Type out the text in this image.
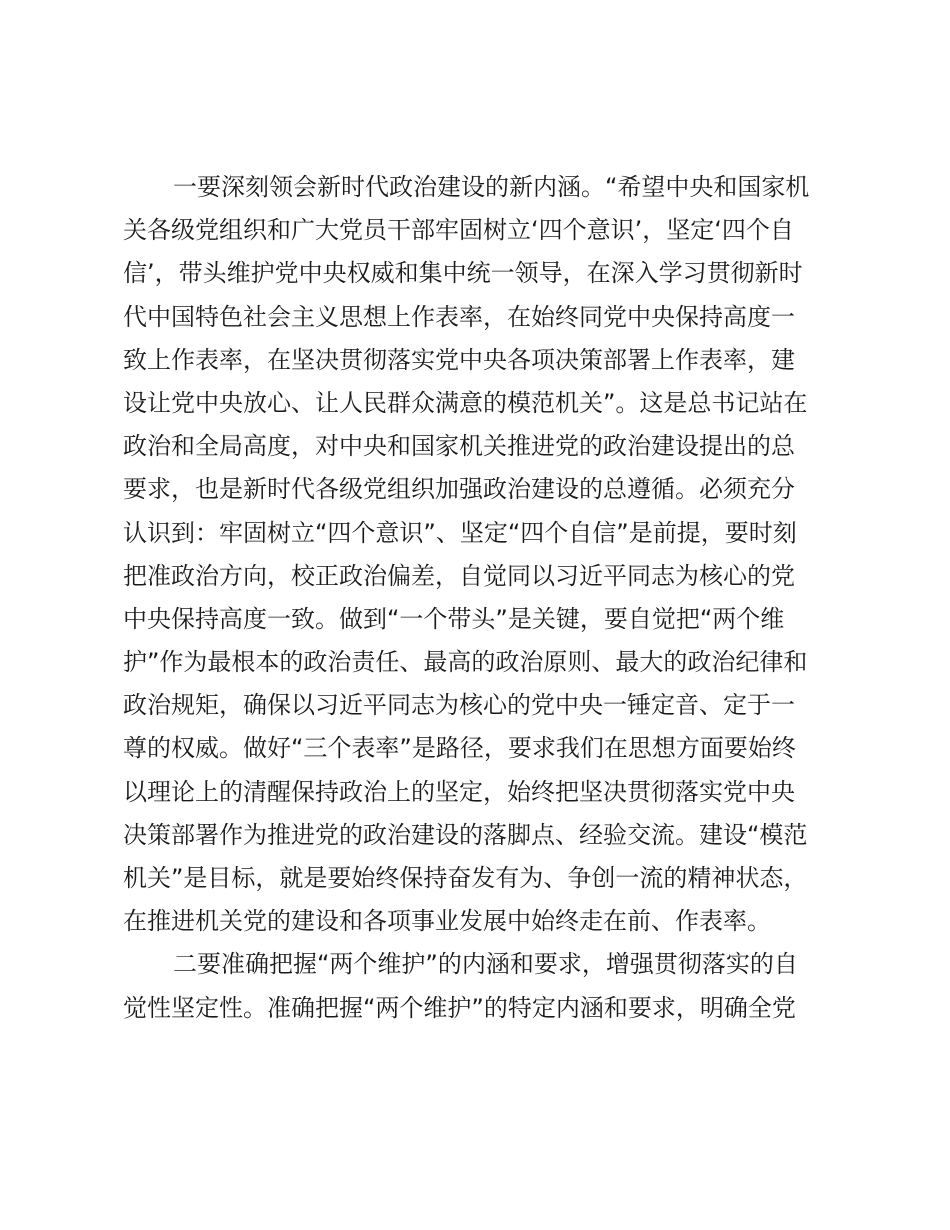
一要深刻领会新时代政治建设的新内涵。“希望中央和国家机
关各级党组织和广大党员干部牢固树立‘四个意识’，坚定‘四个自
信’，带头维护党中央权威和集中统一领导，在深入学习贯彻新时
代中国特色社会主义思想上作表率，在始终同党中央保持高度一
致上作表率，在坚决贯彻落实党中央各项决策部署上作表率，建
设让党中央放心、让人民群众满意的模范机关”。这是总书记站在
政治和全局高度，对中央和国家机关推进党的政治建设提出的总
要求，也是新时代各级党组织加强政治建设的总遵循。必须充分
认识到：牢固树立“四个意识”、坚定“四个自信”是前提，要时刻
把准政治方向，校正政治偏差，自觉同以习近平同志为核心的党
中央保持高度一致。做到“一个带头”是关键，要自觉把“两个维
护”作为最根本的政治责任、最高的政治原则、最大的政治纪律和
政治规矩，确保以习近平同志为核心的党中央一锤定音、定于一
尊的权威。做好“三个表率”是路径，要求我们在思想方面要始终
以理论上的清醒保持政治上的坚定，始终把坚决贯彻落实党中央
决策部署作为推进党的政治建设的落脚点、经验交流。建设“模范
机关”是目标，就是要始终保持奋发有为、争创一流的精神状态，
在推进机关党的建设和各项事业发展中始终走在前、作表率。
二要准确把握“两个维护”的内涵和要求，增强贯彻落实的自
觉性坚定性。准确把握“两个维护”的特定内涵和要求，明确全党
